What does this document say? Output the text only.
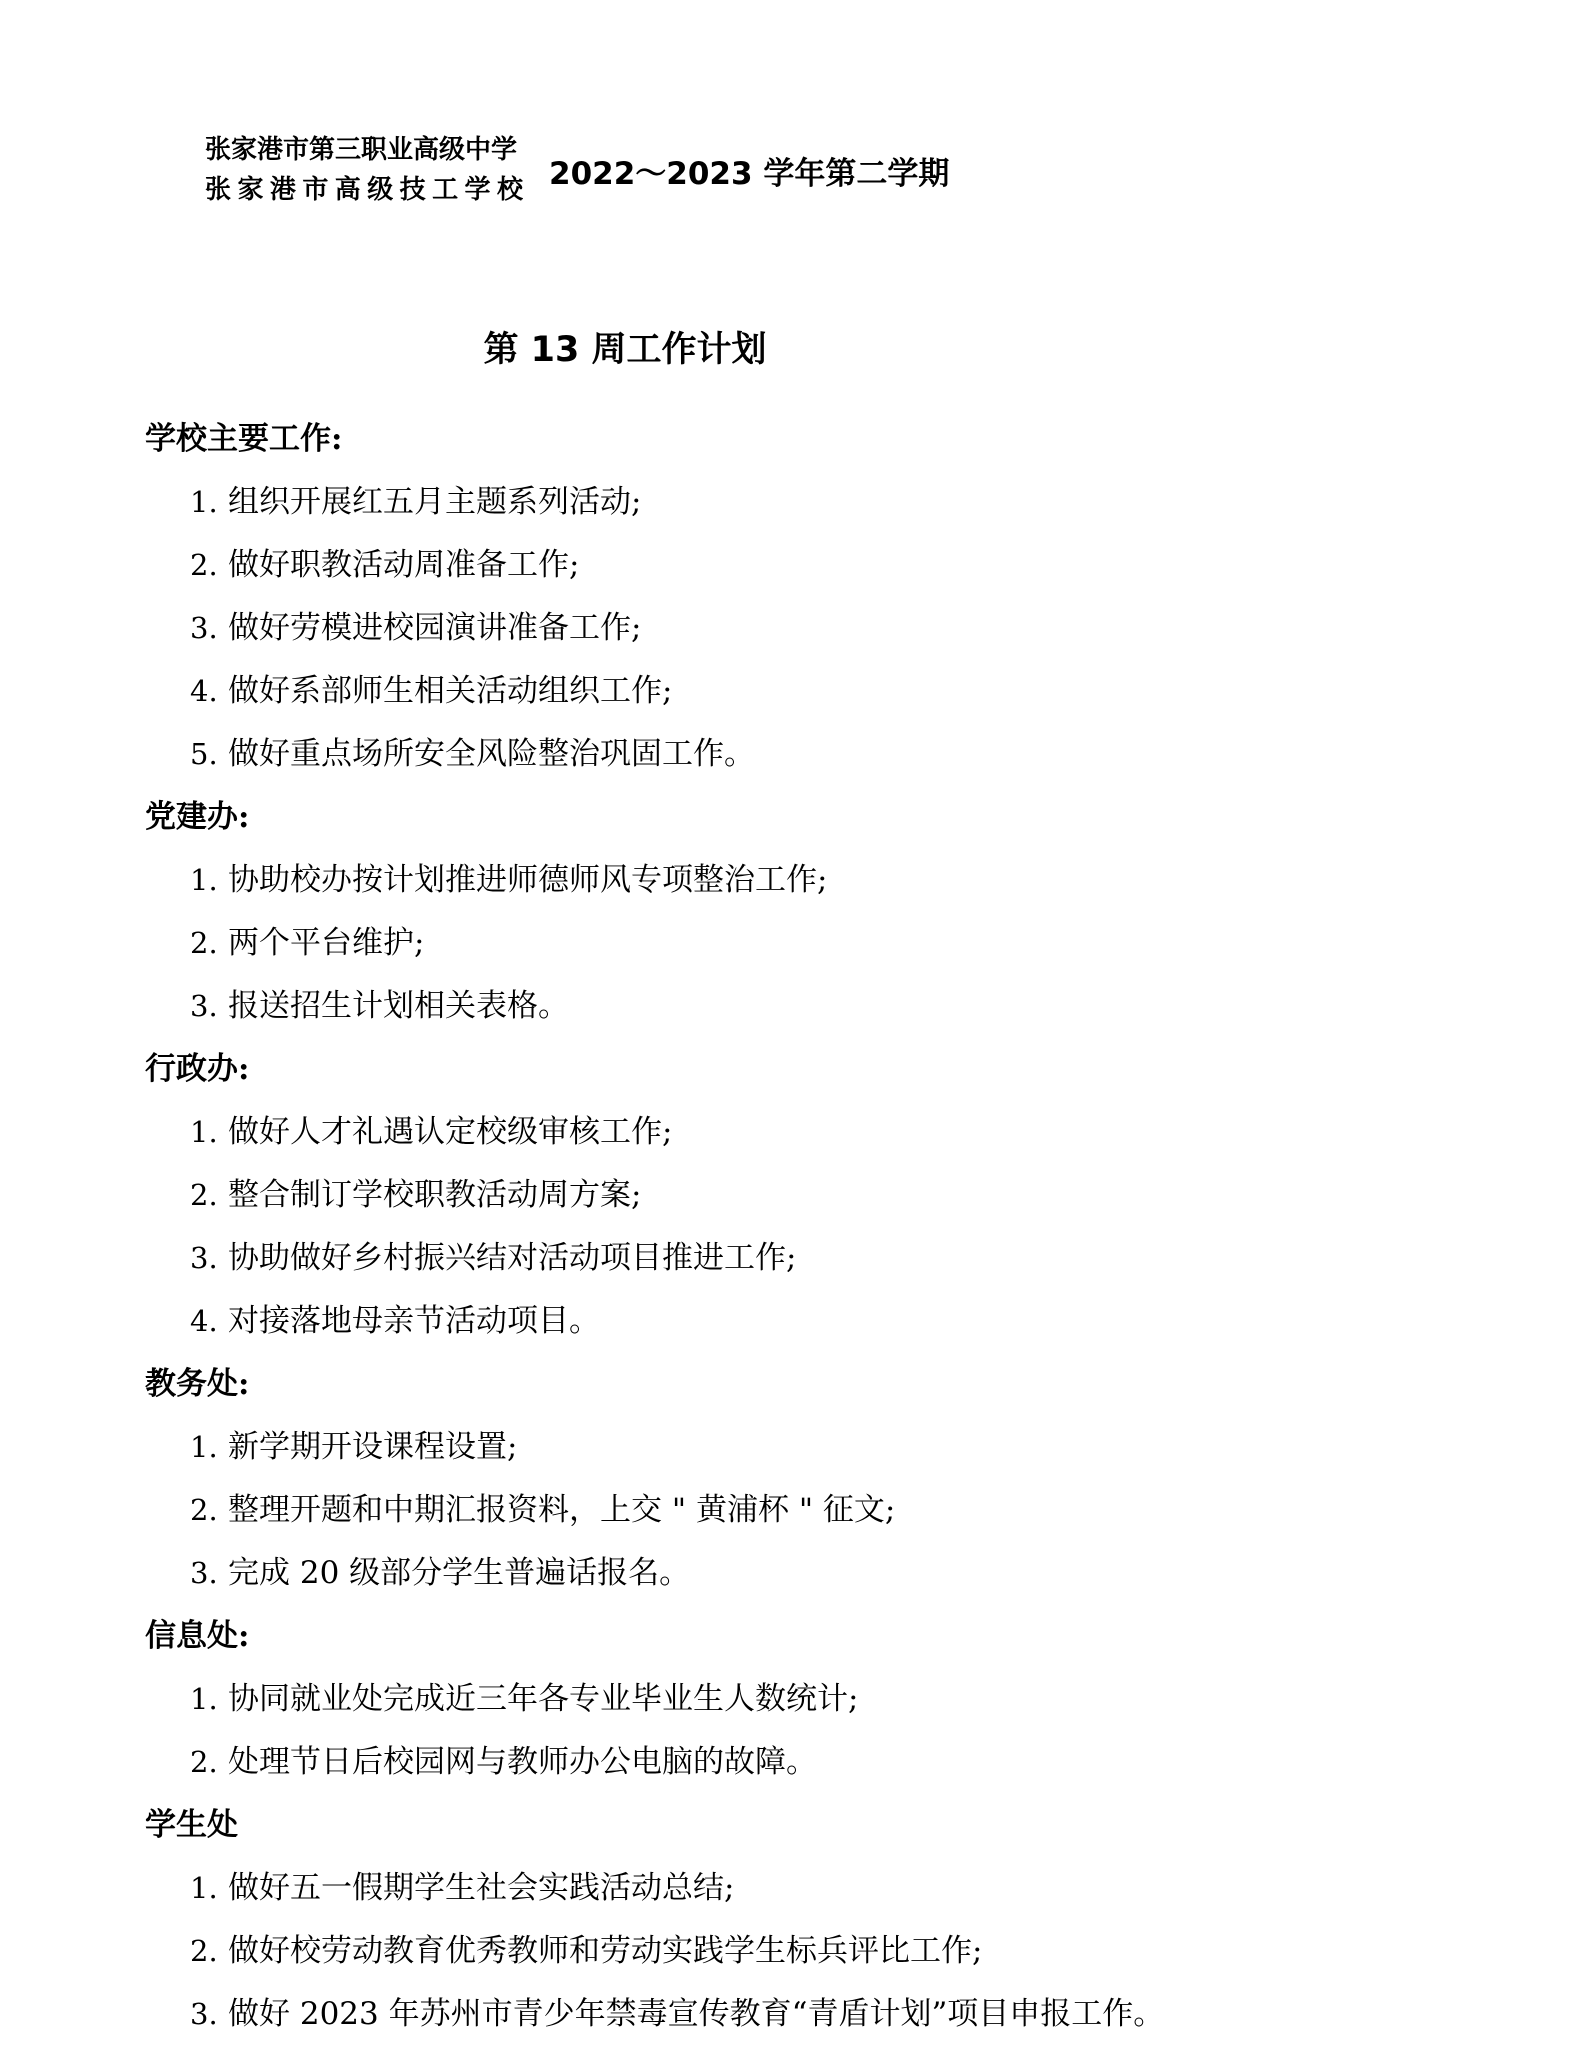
张家港市第三职业高级中学
张家港市高级技工学校 2022～2023 学年第二学期
第 13 周工作计划

学校主要工作:

1. 组织开展红五月主题系列活动;

2. 做好职教活动周准备工作;

3. 做好劳模进校园演讲准备工作;

4. 做好系部师生相关活动组织工作;

5. 做好重点场所安全风险整治巩固工作。

党建办:

1. 协助校办按计划推进师德师风专项整治工作;

2. 两个平台维护;

3. 报送招生计划相关表格。

行政办:

1. 做好人才礼遇认定校级审核工作;

2. 整合制订学校职教活动周方案;

3. 协助做好乡村振兴结对活动项目推进工作;

4. 对接落地母亲节活动项目。

教务处:

1. 新学期开设课程设置;

2. 整理开题和中期汇报资料，上交 " 黄浦杯 " 征文;

3. 完成 20 级部分学生普遍话报名。

信息处:

1. 协同就业处完成近三年各专业毕业生人数统计;

2. 处理节日后校园网与教师办公电脑的故障。

学生处

1. 做好五一假期学生社会实践活动总结;

2. 做好校劳动教育优秀教师和劳动实践学生标兵评比工作;

3. 做好 2023 年苏州市青少年禁毒宣传教育“青盾计划”项目申报工作。
